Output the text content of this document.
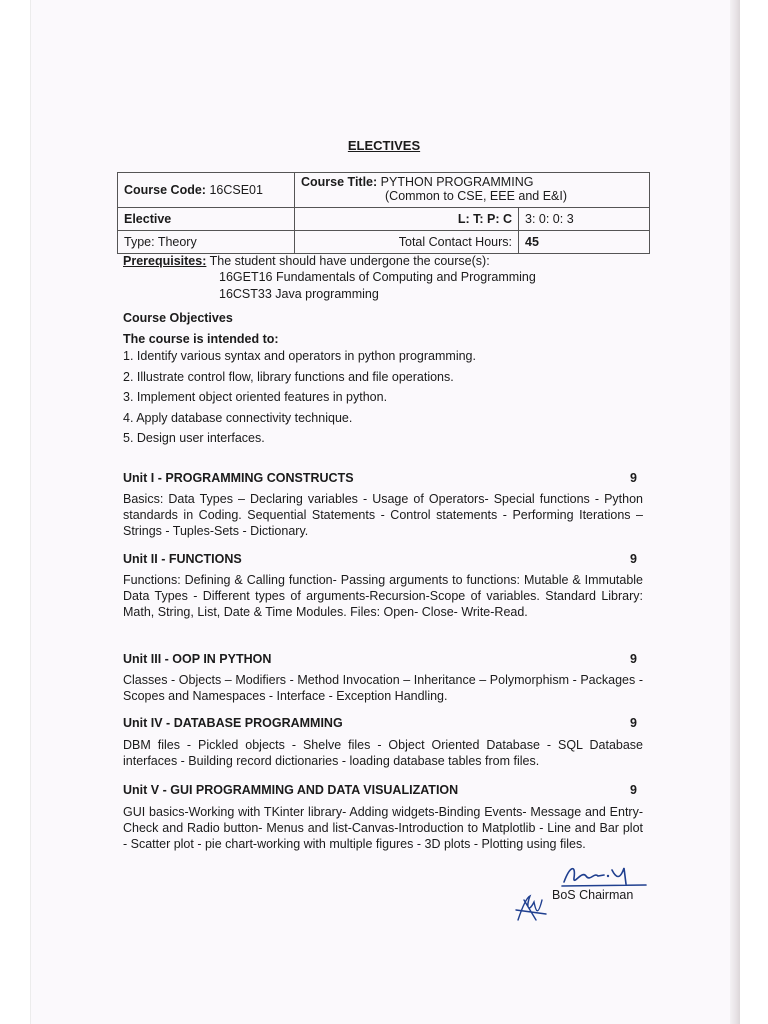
ELECTIVES
Course Code: 16CSE01	Course Title: PYTHON PROGRAMMING
(Common to CSE, EEE and E&I)	

Elective	L: T: P: C	3: 0: 0: 3
Type: Theory	Total Contact Hours:	45
Prerequisites: The student should have undergone the course(s):
16GET16 Fundamentals of Computing and Programming
16CST33 Java programming
Course Objectives
The course is intended to:
1. Identify various syntax and operators in python programming.
2. Illustrate control flow, library functions and file operations.
3. Implement object oriented features in python.
4. Apply database connectivity technique.
5. Design user interfaces.
Unit I - PROGRAMMING CONSTRUCTS	9
Basics: Data Types – Declaring variables - Usage of Operators- Special functions - Python standards in Coding. Sequential Statements - Control statements - Performing Iterations – Strings - Tuples-Sets - Dictionary.
Unit II - FUNCTIONS	9
Functions: Defining & Calling function- Passing arguments to functions: Mutable & Immutable Data Types - Different types of arguments-Recursion-Scope of variables. Standard Library: Math, String, List, Date & Time Modules. Files: Open- Close- Write-Read.
Unit III - OOP IN PYTHON	9
Classes - Objects – Modifiers - Method Invocation – Inheritance – Polymorphism - Packages - Scopes and Namespaces - Interface - Exception Handling.
Unit IV - DATABASE PROGRAMMING	9
DBM files - Pickled objects - Shelve files - Object Oriented Database - SQL Database interfaces - Building record dictionaries - loading database tables from files.
Unit V - GUI PROGRAMMING AND DATA VISUALIZATION	9
GUI basics-Working with TKinter library- Adding widgets-Binding Events- Message and Entry- Check and Radio button- Menus and list-Canvas-Introduction to Matplotlib - Line and Bar plot - Scatter plot - pie chart-working with multiple figures - 3D plots - Plotting using files.
BoS Chairman
